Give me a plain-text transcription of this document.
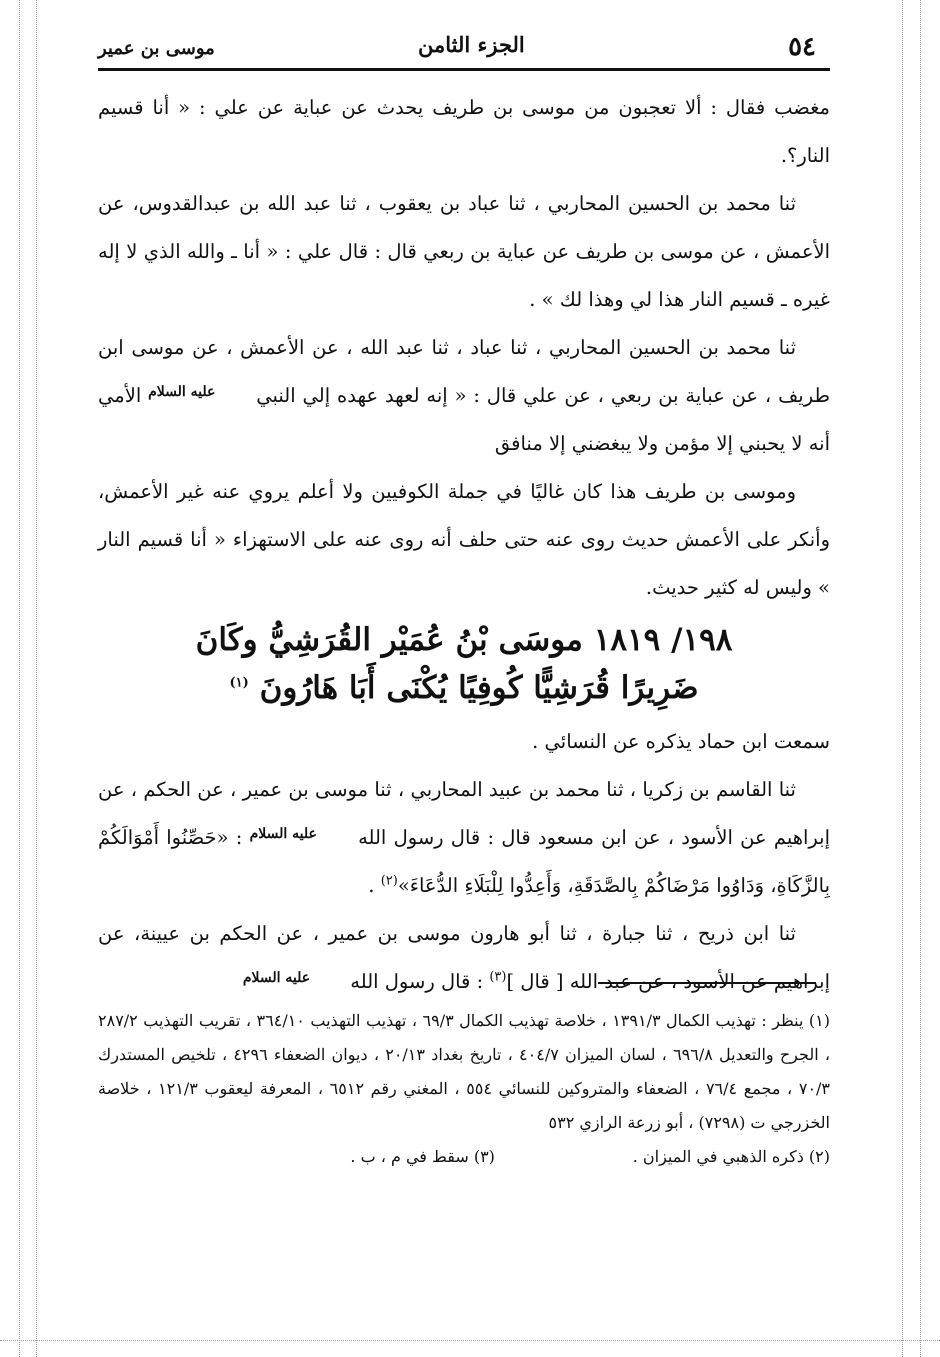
٥٤
الجزء الثامن
موسى بن عمير

مغضب فقال : ألا تعجبون من موسى بن طريف يحدث عن عباية عن علي : « أنا قسيم النار؟.

ثنا محمد بن الحسين المحاربي ، ثنا عباد بن يعقوب ، ثنا عبد الله بن عبدالقدوس، عن الأعمش ، عن موسى بن طريف عن عباية بن ربعي قال : قال علي : « أنا ـ والله الذي لا إله غيره ـ قسيم النار هذا لي وهذا لك » .

ثنا محمد بن الحسين المحاربي ، ثنا عباد ، ثنا عبد الله ، عن الأعمش ، عن موسى ابن طريف ، عن عباية بن ربعي ، عن علي قال : « إنه لعهد عهده إلي النبي عليه السلام الأمي أنه لا يحبني إلا مؤمن ولا يبغضني إلا منافق

وموسى بن طريف هذا كان غاليًا في جملة الكوفيين ولا أعلم يروي عنه غير الأعمش، وأنكر على الأعمش حديث روى عنه حتى حلف أنه روى عنه على الاستهزاء « أنا قسيم النار » وليس له كثير حديث.

١٩٨/ ١٨١٩ موسَى بْنُ عُمَيْر القُرَشِيُّ وكَانَ
ضَرِيرًا قُرَشِيًّا كُوفِيًا يُكْنَى أَبَا هَارُونَ $^{(١)}$

سمعت ابن حماد يذكره عن النسائي .

ثنا القاسم بن زكريا ، ثنا محمد بن عبيد المحاربي ، ثنا موسى بن عمير ، عن الحكم ، عن إبراهيم عن الأسود ، عن ابن مسعود قال : قال رسول الله عليه السلام : «حَصِّنُوا أَمْوَالَكُمْ بِالزَّكَاةِ، وَدَاوُوا مَرْضَاكُمْ بِالصَّدَقَةِ، وَأَعِدُّوا لِلْبَلَاءِ الدُّعَاءَ»$^{(٢)}$ .

ثنا ابن ذريح ، ثنا جبارة ، ثنا أبو هارون موسى بن عمير ، عن الحكم بن عيينة، عن إبراهيم عن الأسود ، عن عبد الله [ قال ]$^{(٣)}$ : قال رسول الله عليه السلام

(١) ينظر : تهذيب الكمال ١٣٩١/٣ ، خلاصة تهذيب الكمال ٦٩/٣ ، تهذيب التهذيب ٣٦٤/١٠ ، تقريب التهذيب ٢٨٧/٢ ، الجرح والتعديل ٦٩٦/٨ ، لسان الميزان ٤٠٤/٧ ، تاريخ بغداد ٢٠/١٣ ، ديوان الضعفاء ٤٢٩٦ ، تلخيص المستدرك ٧٠/٣ ، مجمع ٧٦/٤ ، الضعفاء والمتروكين للنسائي ٥٥٤ ، المغني رقم ٦٥١٢ ، المعرفة ليعقوب ١٢١/٣ ، خلاصة الخزرجي ت (٧٢٩٨) ، أبو زرعة الرازي ٥٣٢
(٢) ذكره الذهبي في الميزان . (٣) سقط في م ، ب .
